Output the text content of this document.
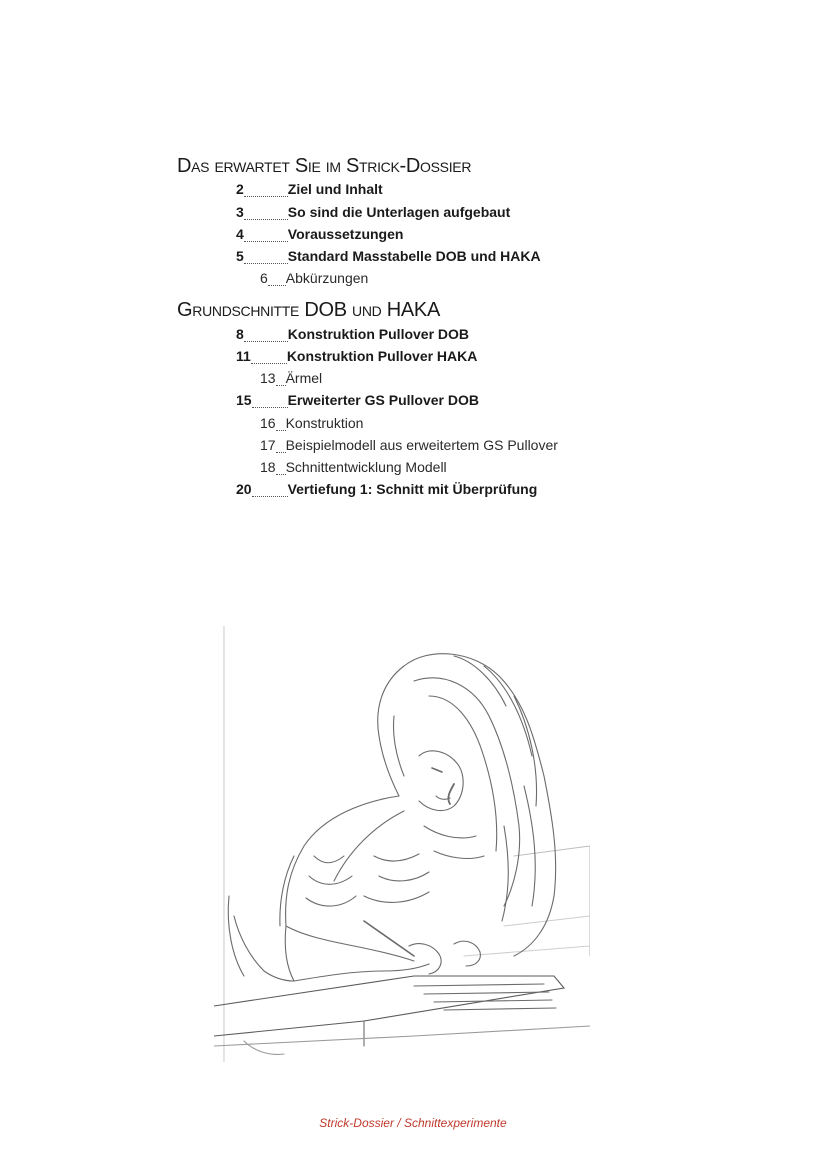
Das erwartet Sie im Strick-Dossier
2	Ziel und Inhalt
3	So sind die Unterlagen aufgebaut
4	Voraussetzungen
5	Standard Masstabelle DOB und HAKA
6 Abkürzungen
Grundschnitte DOB und HAKA
8	Konstruktion Pullover DOB
11	Konstruktion Pullover HAKA
13 Ärmel
15	Erweiterter GS Pullover DOB
16 Konstruktion
17 Beispielmodell aus erweitertem GS Pullover
18 Schnittentwicklung Modell
20	Vertiefung 1: Schnitt mit Überprüfung
Strick-Dossier / Schnittexperimente
